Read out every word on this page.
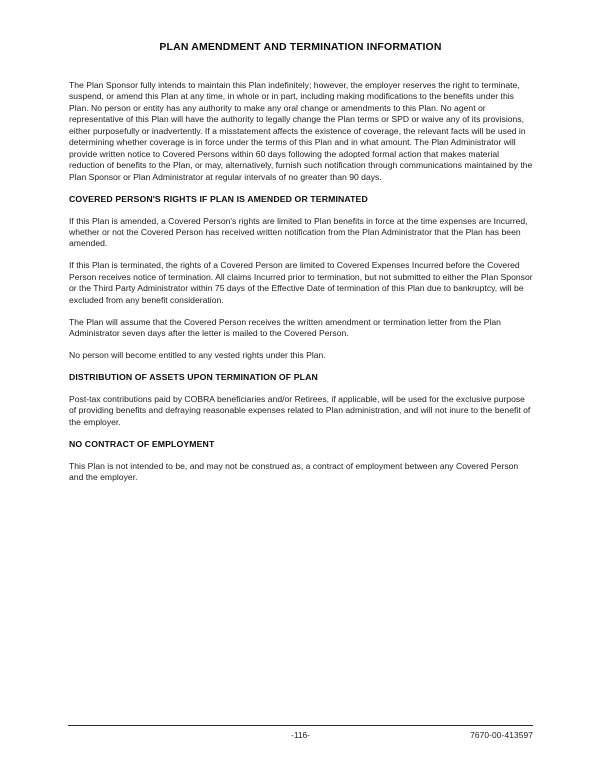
PLAN AMENDMENT AND TERMINATION INFORMATION
The Plan Sponsor fully intends to maintain this Plan indefinitely; however, the employer reserves the right to terminate, suspend, or amend this Plan at any time, in whole or in part, including making modifications to the benefits under this Plan. No person or entity has any authority to make any oral change or amendments to this Plan. No agent or representative of this Plan will have the authority to legally change the Plan terms or SPD or waive any of its provisions, either purposefully or inadvertently. If a misstatement affects the existence of coverage, the relevant facts will be used in determining whether coverage is in force under the terms of this Plan and in what amount. The Plan Administrator will provide written notice to Covered Persons within 60 days following the adopted formal action that makes material reduction of benefits to the Plan, or may, alternatively, furnish such notification through communications maintained by the Plan Sponsor or Plan Administrator at regular intervals of no greater than 90 days.
COVERED PERSON'S RIGHTS IF PLAN IS AMENDED OR TERMINATED
If this Plan is amended, a Covered Person's rights are limited to Plan benefits in force at the time expenses are Incurred, whether or not the Covered Person has received written notification from the Plan Administrator that the Plan has been amended.
If this Plan is terminated, the rights of a Covered Person are limited to Covered Expenses Incurred before the Covered Person receives notice of termination. All claims Incurred prior to termination, but not submitted to either the Plan Sponsor or the Third Party Administrator within 75 days of the Effective Date of termination of this Plan due to bankruptcy, will be excluded from any benefit consideration.
The Plan will assume that the Covered Person receives the written amendment or termination letter from the Plan Administrator seven days after the letter is mailed to the Covered Person.
No person will become entitled to any vested rights under this Plan.
DISTRIBUTION OF ASSETS UPON TERMINATION OF PLAN
Post-tax contributions paid by COBRA beneficiaries and/or Retirees, if applicable, will be used for the exclusive purpose of providing benefits and defraying reasonable expenses related to Plan administration, and will not inure to the benefit of the employer.
NO CONTRACT OF EMPLOYMENT
This Plan is not intended to be, and may not be construed as, a contract of employment between any Covered Person and the employer.
-116-	7670-00-413597
